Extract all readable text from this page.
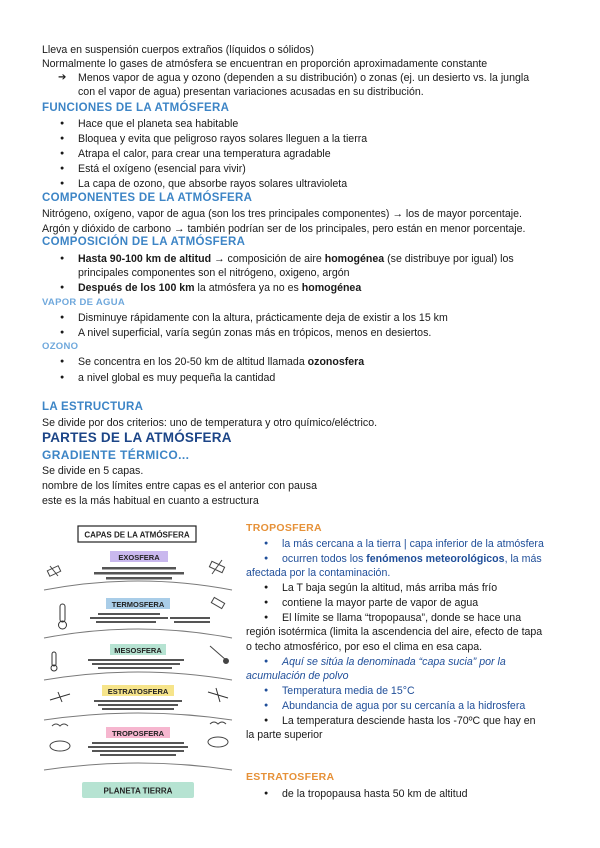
Lleva en suspensión cuerpos extraños (líquidos o sólidos)
Normalmente lo gases de atmósfera se encuentran en proporción aproximadamente constante
➔ Menos vapor de agua y ozono (dependen a su distribución) o zonas (ej. un desierto vs. la jungla
con el vapor de agua) presentan variaciones acusadas en su distribución.
FUNCIONES DE LA ATMÓSFERA
● Hace que el planeta sea habitable
● Bloquea y evita que peligroso rayos solares lleguen a la tierra
● Atrapa el calor, para crear una temperatura agradable
● Está el oxígeno (esencial para vivir)
● La capa de ozono, que absorbe rayos solares ultravioleta
COMPONENTES DE LA ATMÓSFERA
Nitrógeno, oxígeno, vapor de agua (son los tres principales componentes) → los de mayor porcentaje.
Argón y dióxido de carbono → también podrían ser de los principales, pero están en menor porcentaje.
COMPOSICIÓN DE LA ATMÓSFERA
● Hasta 90-100 km de altitud → composición de aire homogénea (se distribuye por igual) los
principales componentes son el nitrógeno, oxigeno, argón
● Después de los 100 km la atmósfera ya no es homogénea
VAPOR DE AGUA
● Disminuye rápidamente con la altura, prácticamente deja de existir a los 15 km
● A nivel superficial, varía según zonas más en trópicos, menos en desiertos.
OZONO
● Se concentra en los 20-50 km de altitud llamada ozonosfera
● a nivel global es muy pequeña la cantidad
LA ESTRUCTURA
Se divide por dos criterios: uno de temperatura y otro químico/eléctrico.
PARTES DE LA ATMÓSFERA
GRADIENTE TÉRMICO...
Se divide en 5 capas.
nombre de los límites entre capas es el anterior con pausa
este es la más habitual en cuanto a estructura
CAPAS DE LA ATMÓSFERA
EXOSFERA
TERMOSFERA
MESOSFERA
ESTRATOSFERA
TROPOSFERA
PLANETA TIERRA
TROPOSFERA
● la más cercana a la tierra | capa inferior de la atmósfera
● ocurren todos los fenómenos meteorológicos, la más
afectada por la contaminación.
● La T baja según la altitud, más arriba más frío
● contiene la mayor parte de vapor de agua
● El límite se llama “tropopausa”, donde se hace una
región isotérmica (limita la ascendencia del aire, efecto de tapa
o techo atmosférico, por eso el clima en esa capa.
● Aquí se sitúa la denominada “capa sucia” por la
acumulación de polvo
● Temperatura media de 15°C
● Abundancia de agua por su cercanía a la hidrosfera
● La temperatura desciende hasta los -70ºC que hay en
la parte superior
ESTRATOSFERA
● de la tropopausa hasta 50 km de altitud
